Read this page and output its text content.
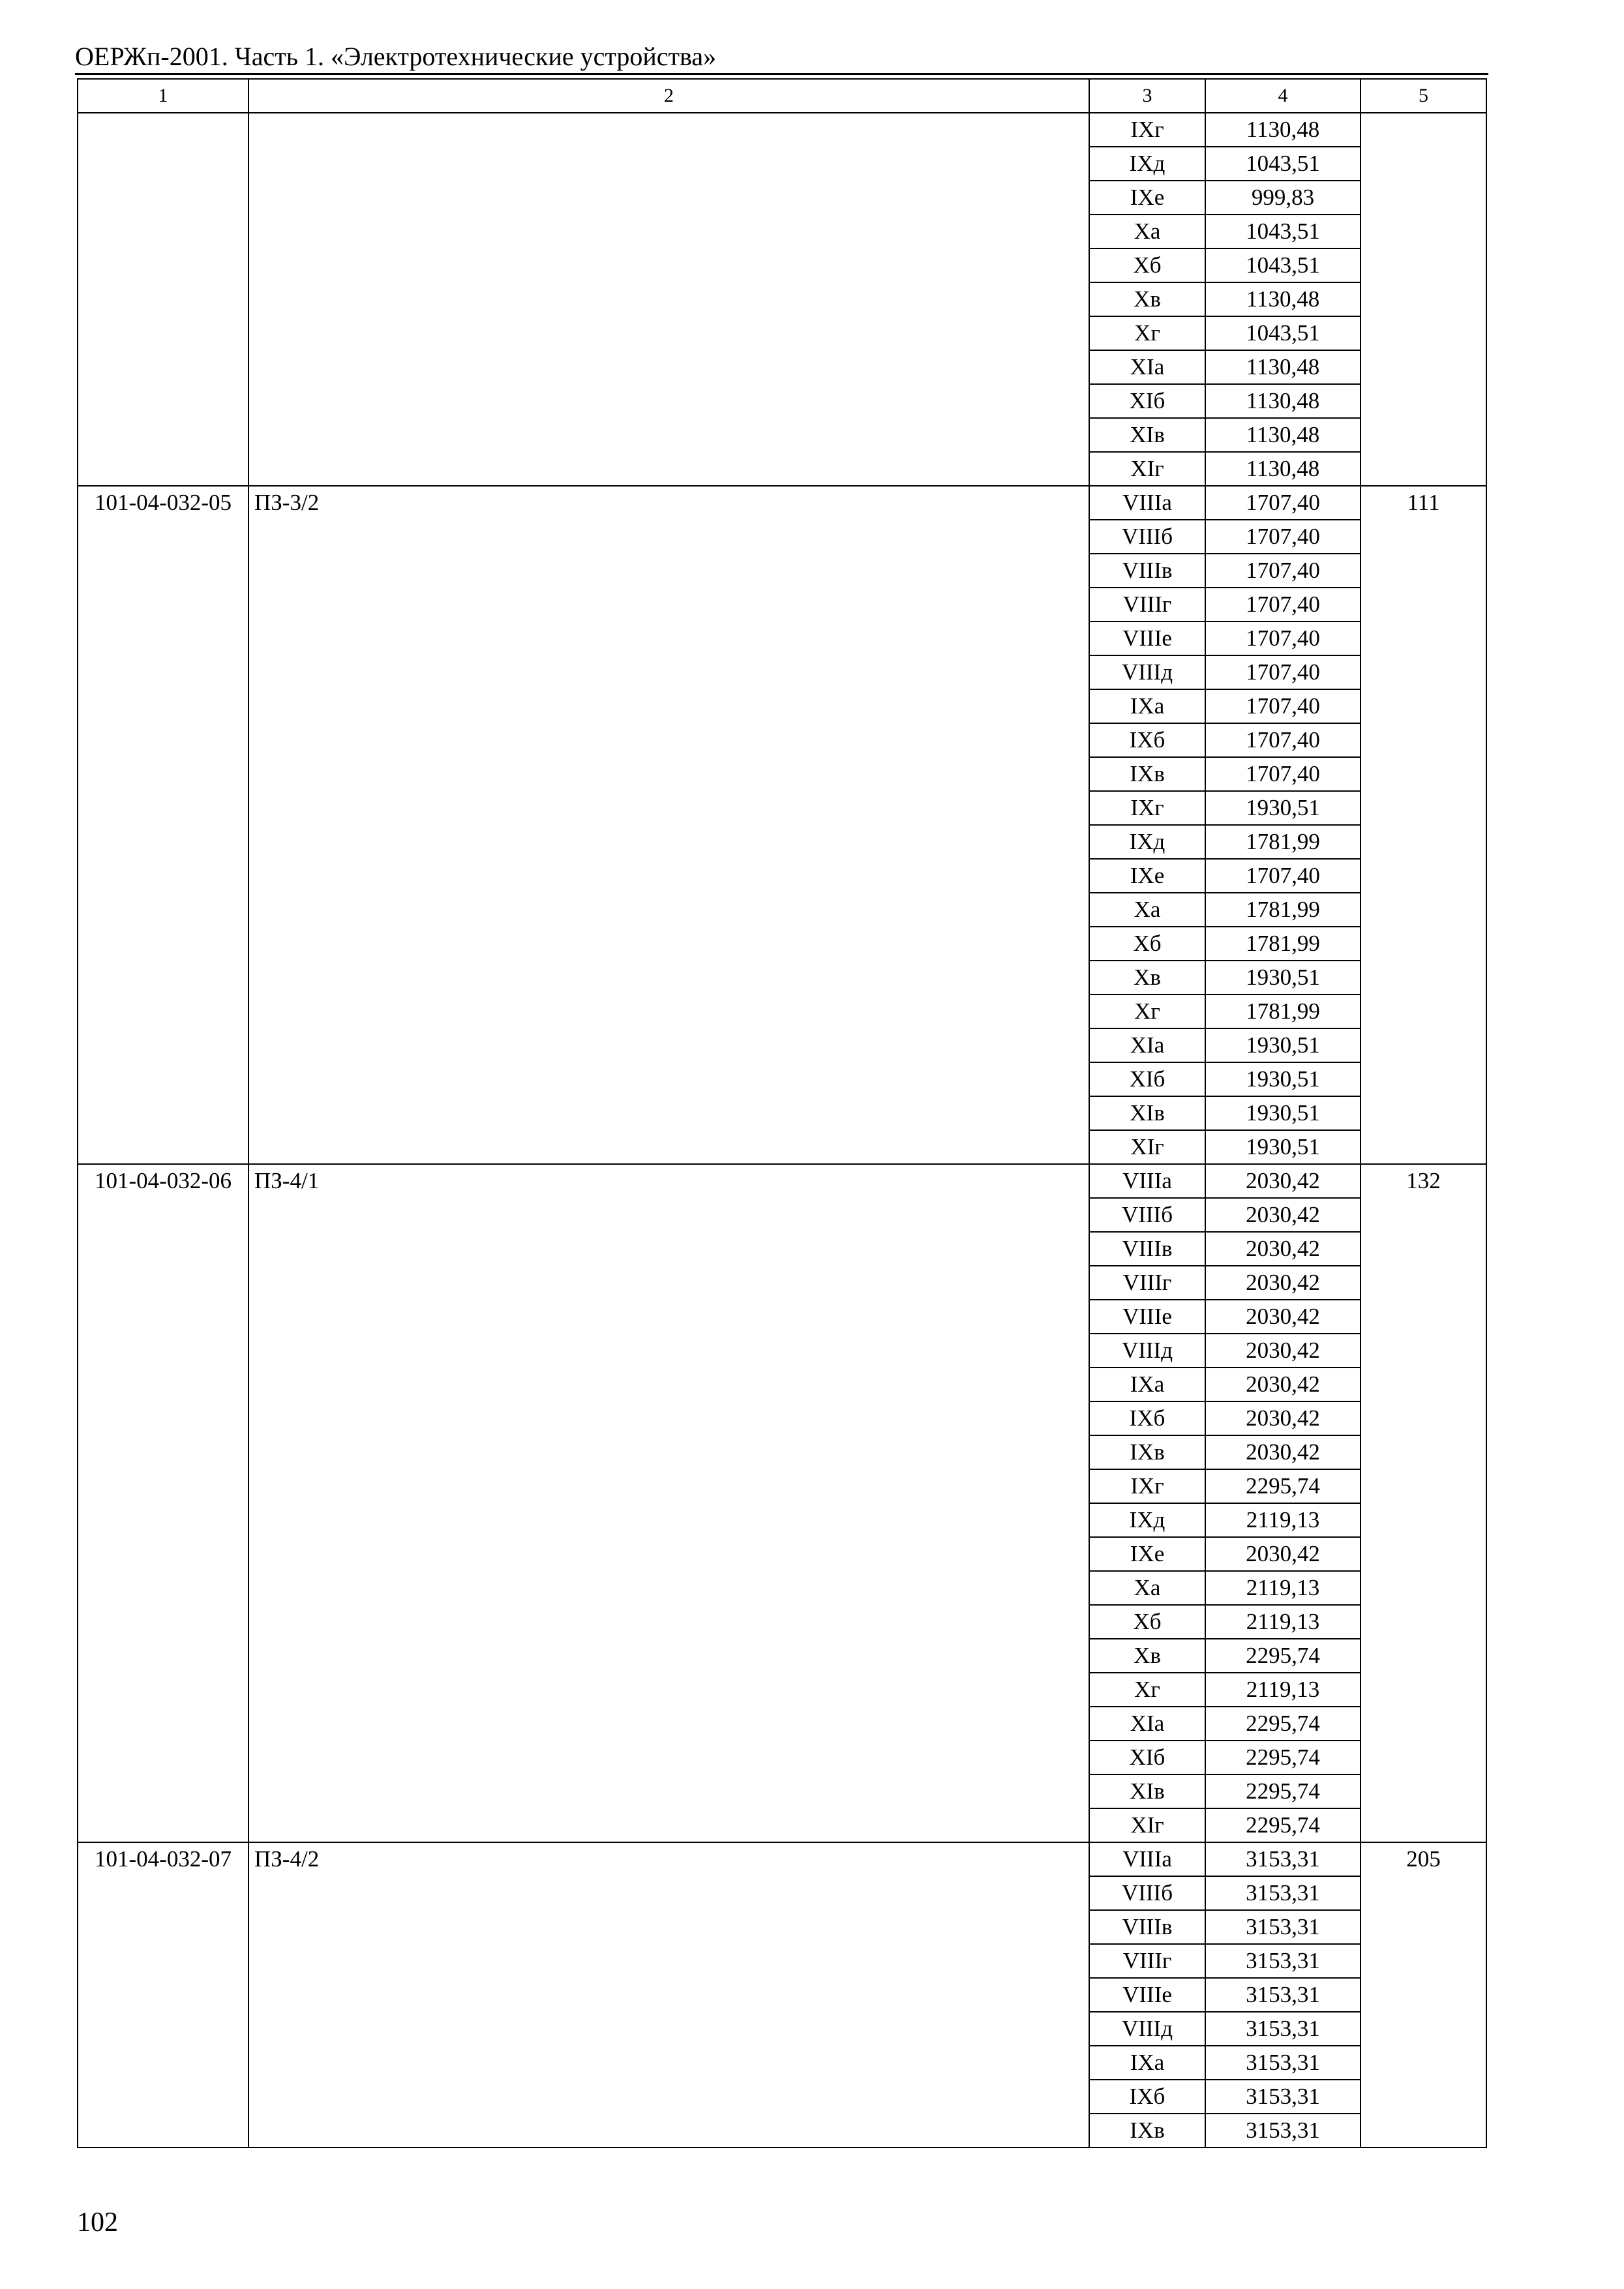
ОЕРЖп-2001. Часть 1. «Электротехнические устройства»
1	2	3	4	5
		IXг	1130,48	
		IXд	1043,51	
		IXе	999,83	
		Xа	1043,51	
		Xб	1043,51	
		Xв	1130,48	
		Xг	1043,51	
		XIа	1130,48	
		XIб	1130,48	
		XIв	1130,48	
		XIг	1130,48	
101-04-032-05	ПЗ-3/2	VIIIа	1707,40	111
		VIIIб	1707,40	
		VIIIв	1707,40	
		VIIIг	1707,40	
		VIIIе	1707,40	
		VIIIд	1707,40	
		IXа	1707,40	
		IXб	1707,40	
		IXв	1707,40	
		IXг	1930,51	
		IXд	1781,99	
		IXе	1707,40	
		Xа	1781,99	
		Xб	1781,99	
		Xв	1930,51	
		Xг	1781,99	
		XIа	1930,51	
		XIб	1930,51	
		XIв	1930,51	
		XIг	1930,51	
101-04-032-06	ПЗ-4/1	VIIIа	2030,42	132
		VIIIб	2030,42	
		VIIIв	2030,42	
		VIIIг	2030,42	
		VIIIе	2030,42	
		VIIIд	2030,42	
		IXа	2030,42	
		IXб	2030,42	
		IXв	2030,42	
		IXг	2295,74	
		IXд	2119,13	
		IXе	2030,42	
		Xа	2119,13	
		Xб	2119,13	
		Xв	2295,74	
		Xг	2119,13	
		XIа	2295,74	
		XIб	2295,74	
		XIв	2295,74	
		XIг	2295,74	
101-04-032-07	ПЗ-4/2	VIIIа	3153,31	205
		VIIIб	3153,31	
		VIIIв	3153,31	
		VIIIг	3153,31	
		VIIIе	3153,31	
		VIIIд	3153,31	
		IXа	3153,31	
		IXб	3153,31	
		IXв	3153,31	
102
